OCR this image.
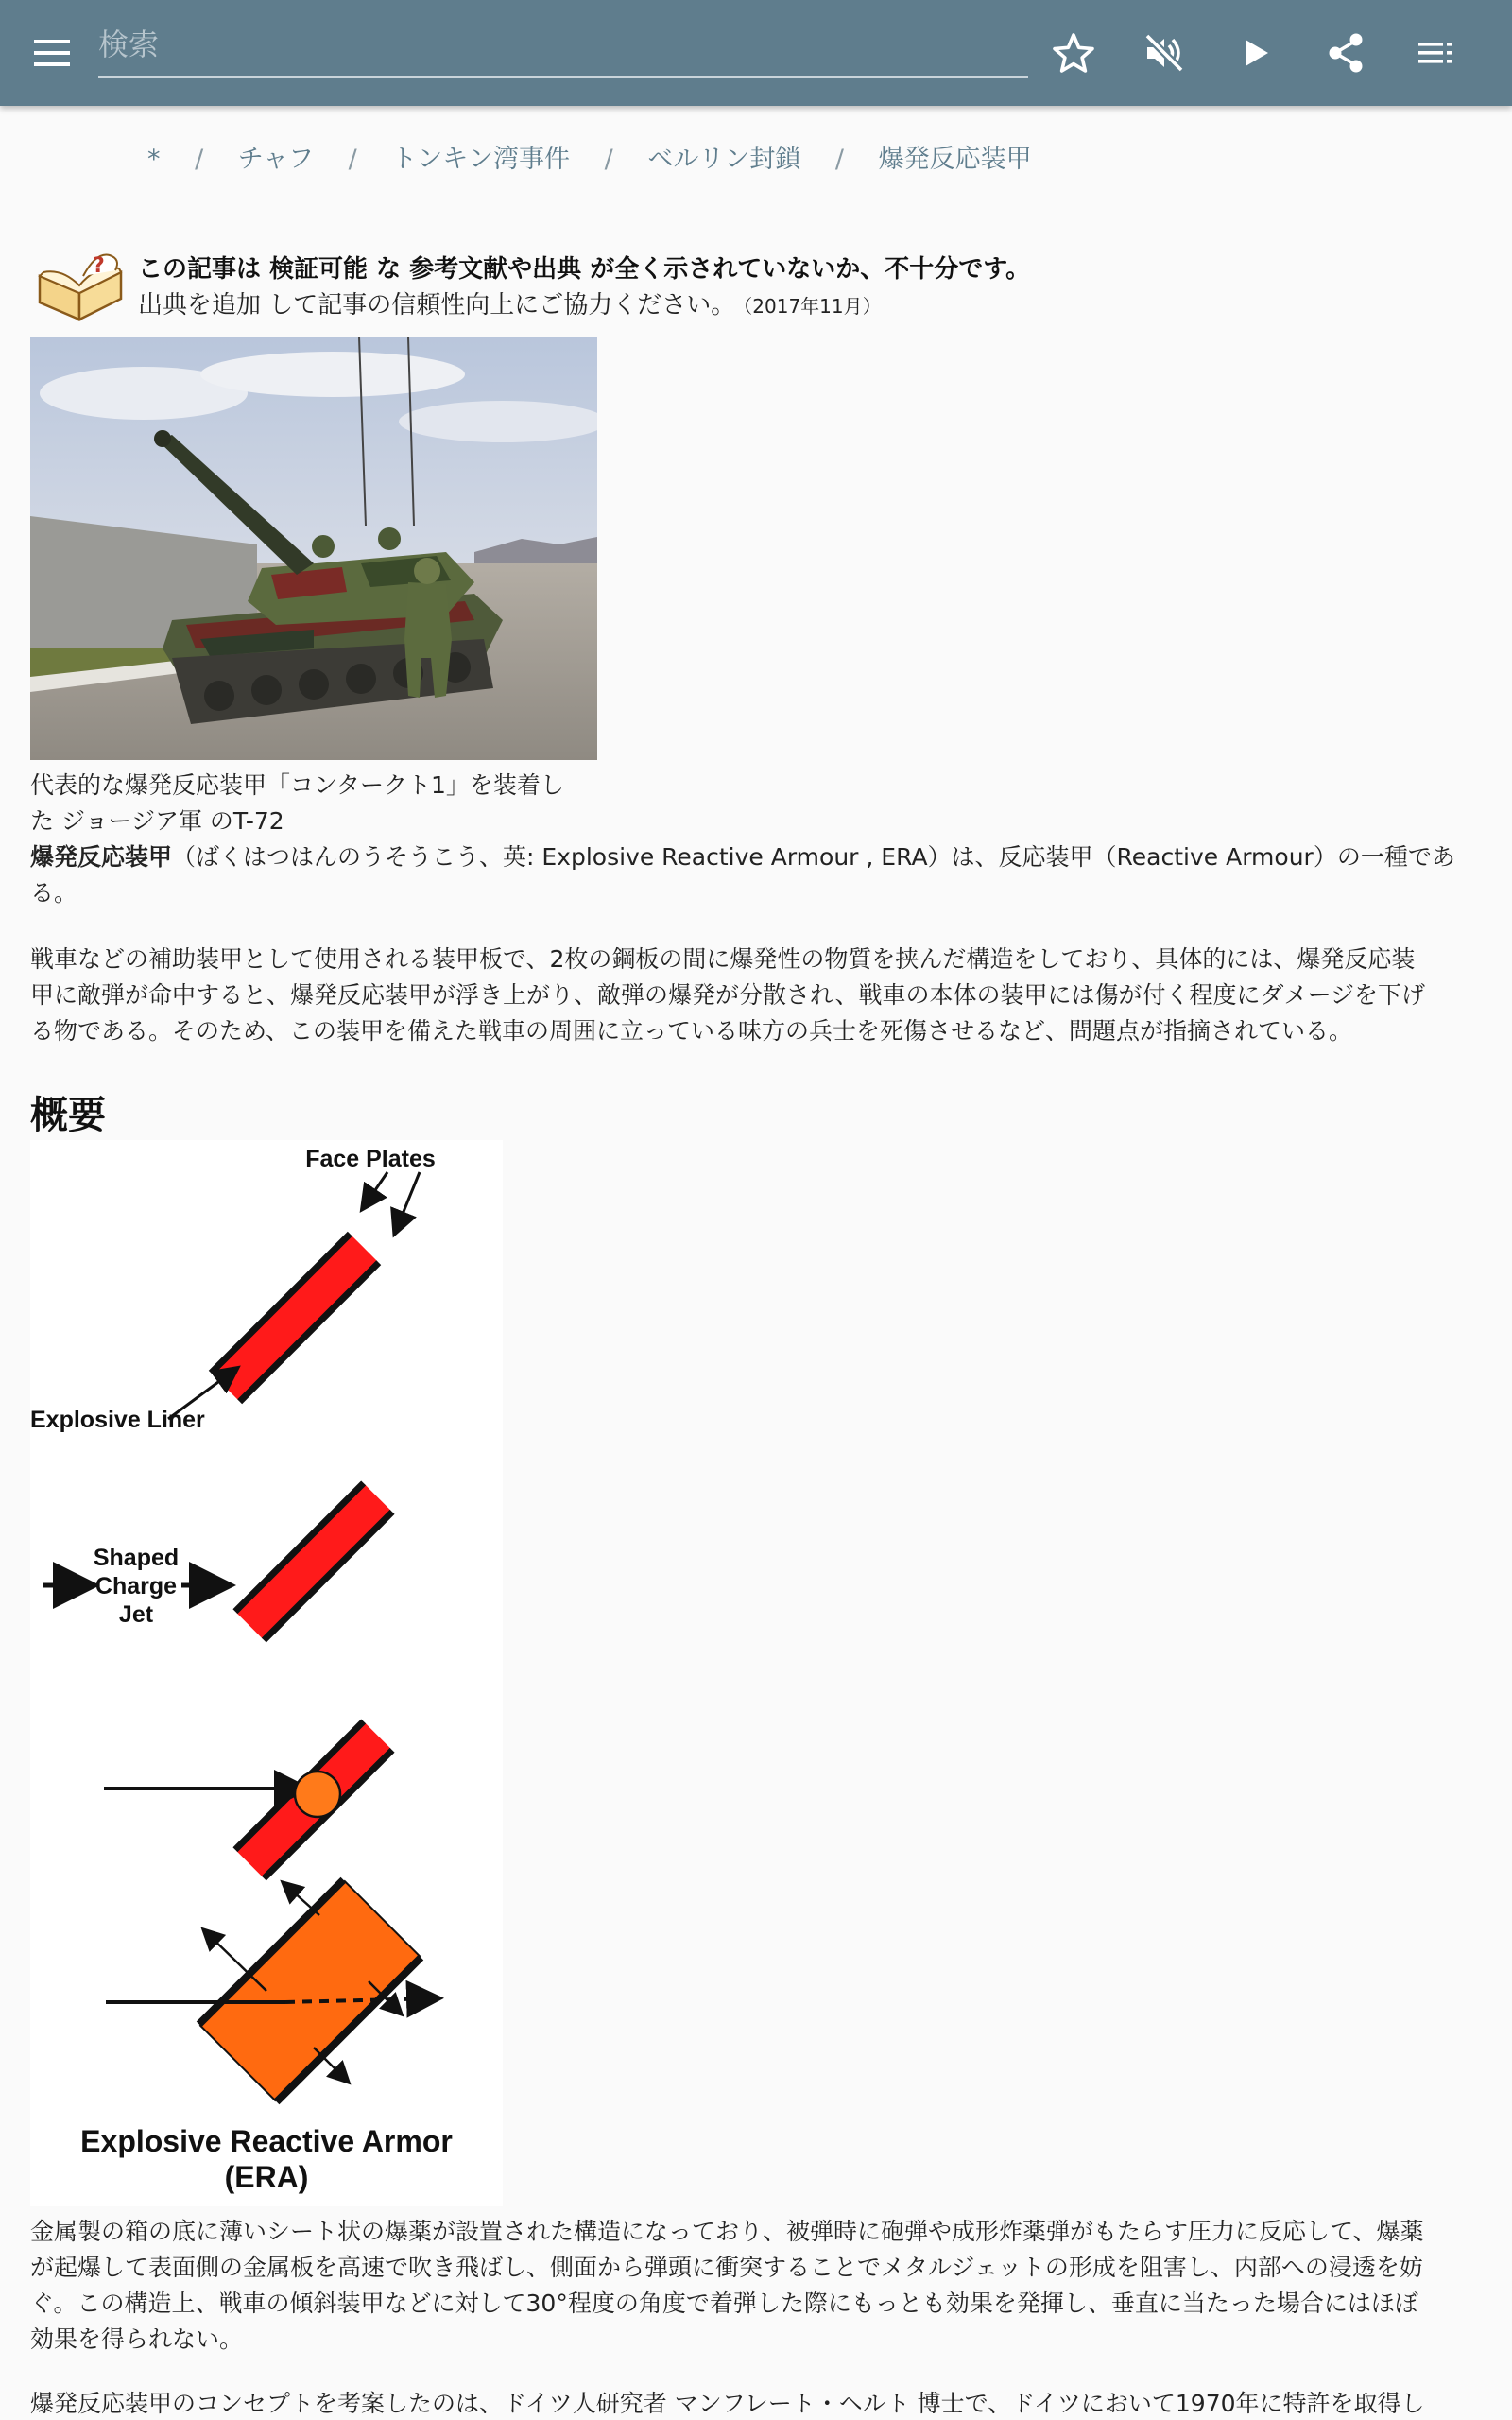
検索
* / チャフ / トンキン湾事件 / ベルリン封鎖 / 爆発反応装甲
? この記事は 検証可能 な 参考文献や出典 が全く示されていないか、不十分です。
出典を追加 して記事の信頼性向上にご協力ください。 （2017年11月）
代表的な爆発反応装甲「コンタークト1」を装着し
た ジョージア軍 のT-72
爆発反応装甲（ばくはつはんのうそうこう、英: Explosive Reactive Armour , ERA）は、反応装甲（Reactive Armour）の一種であ
る。
戦車などの補助装甲として使用される装甲板で、2枚の鋼板の間に爆発性の物質を挟んだ構造をしており、具体的には、爆発反応装
甲に敵弾が命中すると、爆発反応装甲が浮き上がり、敵弾の爆発が分散され、戦車の本体の装甲には傷が付く程度にダメージを下げ
る物である。そのため、この装甲を備えた戦車の周囲に立っている味方の兵士を死傷させるなど、問題点が指摘されている。
概要
Face Plates
Explosive Liner
Shaped
Charge
Jet
Explosive Reactive Armor
(ERA)
金属製の箱の底に薄いシート状の爆薬が設置された構造になっており、被弾時に砲弾や成形炸薬弾がもたらす圧力に反応して、爆薬
が起爆して表面側の金属板を高速で吹き飛ばし、側面から弾頭に衝突することでメタルジェットの形成を阻害し、内部への浸透を妨
ぐ。この構造上、戦車の傾斜装甲などに対して30°程度の角度で着弾した際にもっとも効果を発揮し、垂直に当たった場合にはほぼ
効果を得られない。
爆発反応装甲のコンセプトを考案したのは、ドイツ人研究者 マンフレート・ヘルト 博士で、ドイツにおいて1970年に特許を取得し
